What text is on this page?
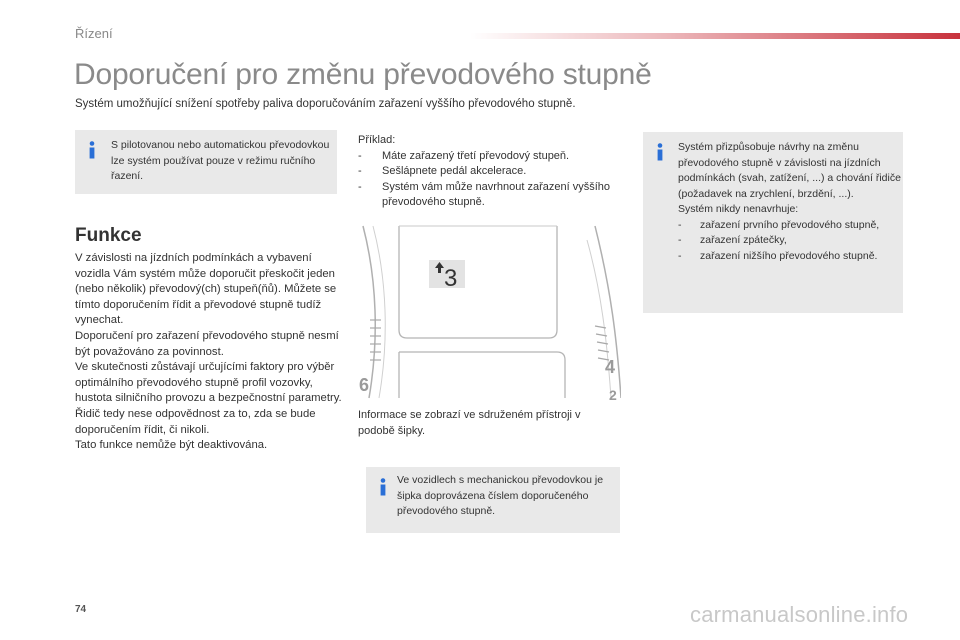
Řízení
Doporučení pro změnu převodového stupně
Systém umožňující snížení spotřeby paliva doporučováním zařazení vyššího převodového stupně.
S pilotovanou nebo automatickou převodovkou lze systém používat pouze v režimu ručního řazení.
Funkce

V závislosti na jízdních podmínkách a vybavení vozidla Vám systém může doporučit přeskočit jeden (nebo několik) převodový(ch) stupeň(ňů). Můžete se tímto doporučením řídit a převodové stupně tudíž vynechat.

Doporučení pro zařazení převodového stupně nesmí být považováno za povinnost.

Ve skutečnosti zůstávají určujícími faktory pro výběr optimálního převodového stupně profil vozovky, hustota silničního provozu a bezpečnostní parametry. Řidič tedy nese odpovědnost za to, zda se bude doporučením řídit, či nikoli.

Tato funkce nemůže být deaktivována.

Příklad:
- Máte zařazený třetí převodový stupeň.
- Sešlápnete pedál akcelerace.
- Systém vám může navrhnout zařazení vyššího převodového stupně.
3
6
4
2
Informace se zobrazí ve sdruženém přístroji v podobě šipky.
Ve vozidlech s mechanickou převodovkou je šipka doprovázena číslem doporučeného převodového stupně.
Systém přizpůsobuje návrhy na změnu převodového stupně v závislosti na jízdních podmínkách (svah, zatížení, ...) a chování řidiče (požadavek na zrychlení, brzdění, ...).
Systém nikdy nenavrhuje:
- zařazení prvního převodového stupně,
- zařazení zpátečky,
- zařazení nižšího převodového stupně.
74	carmanualsonline.info
